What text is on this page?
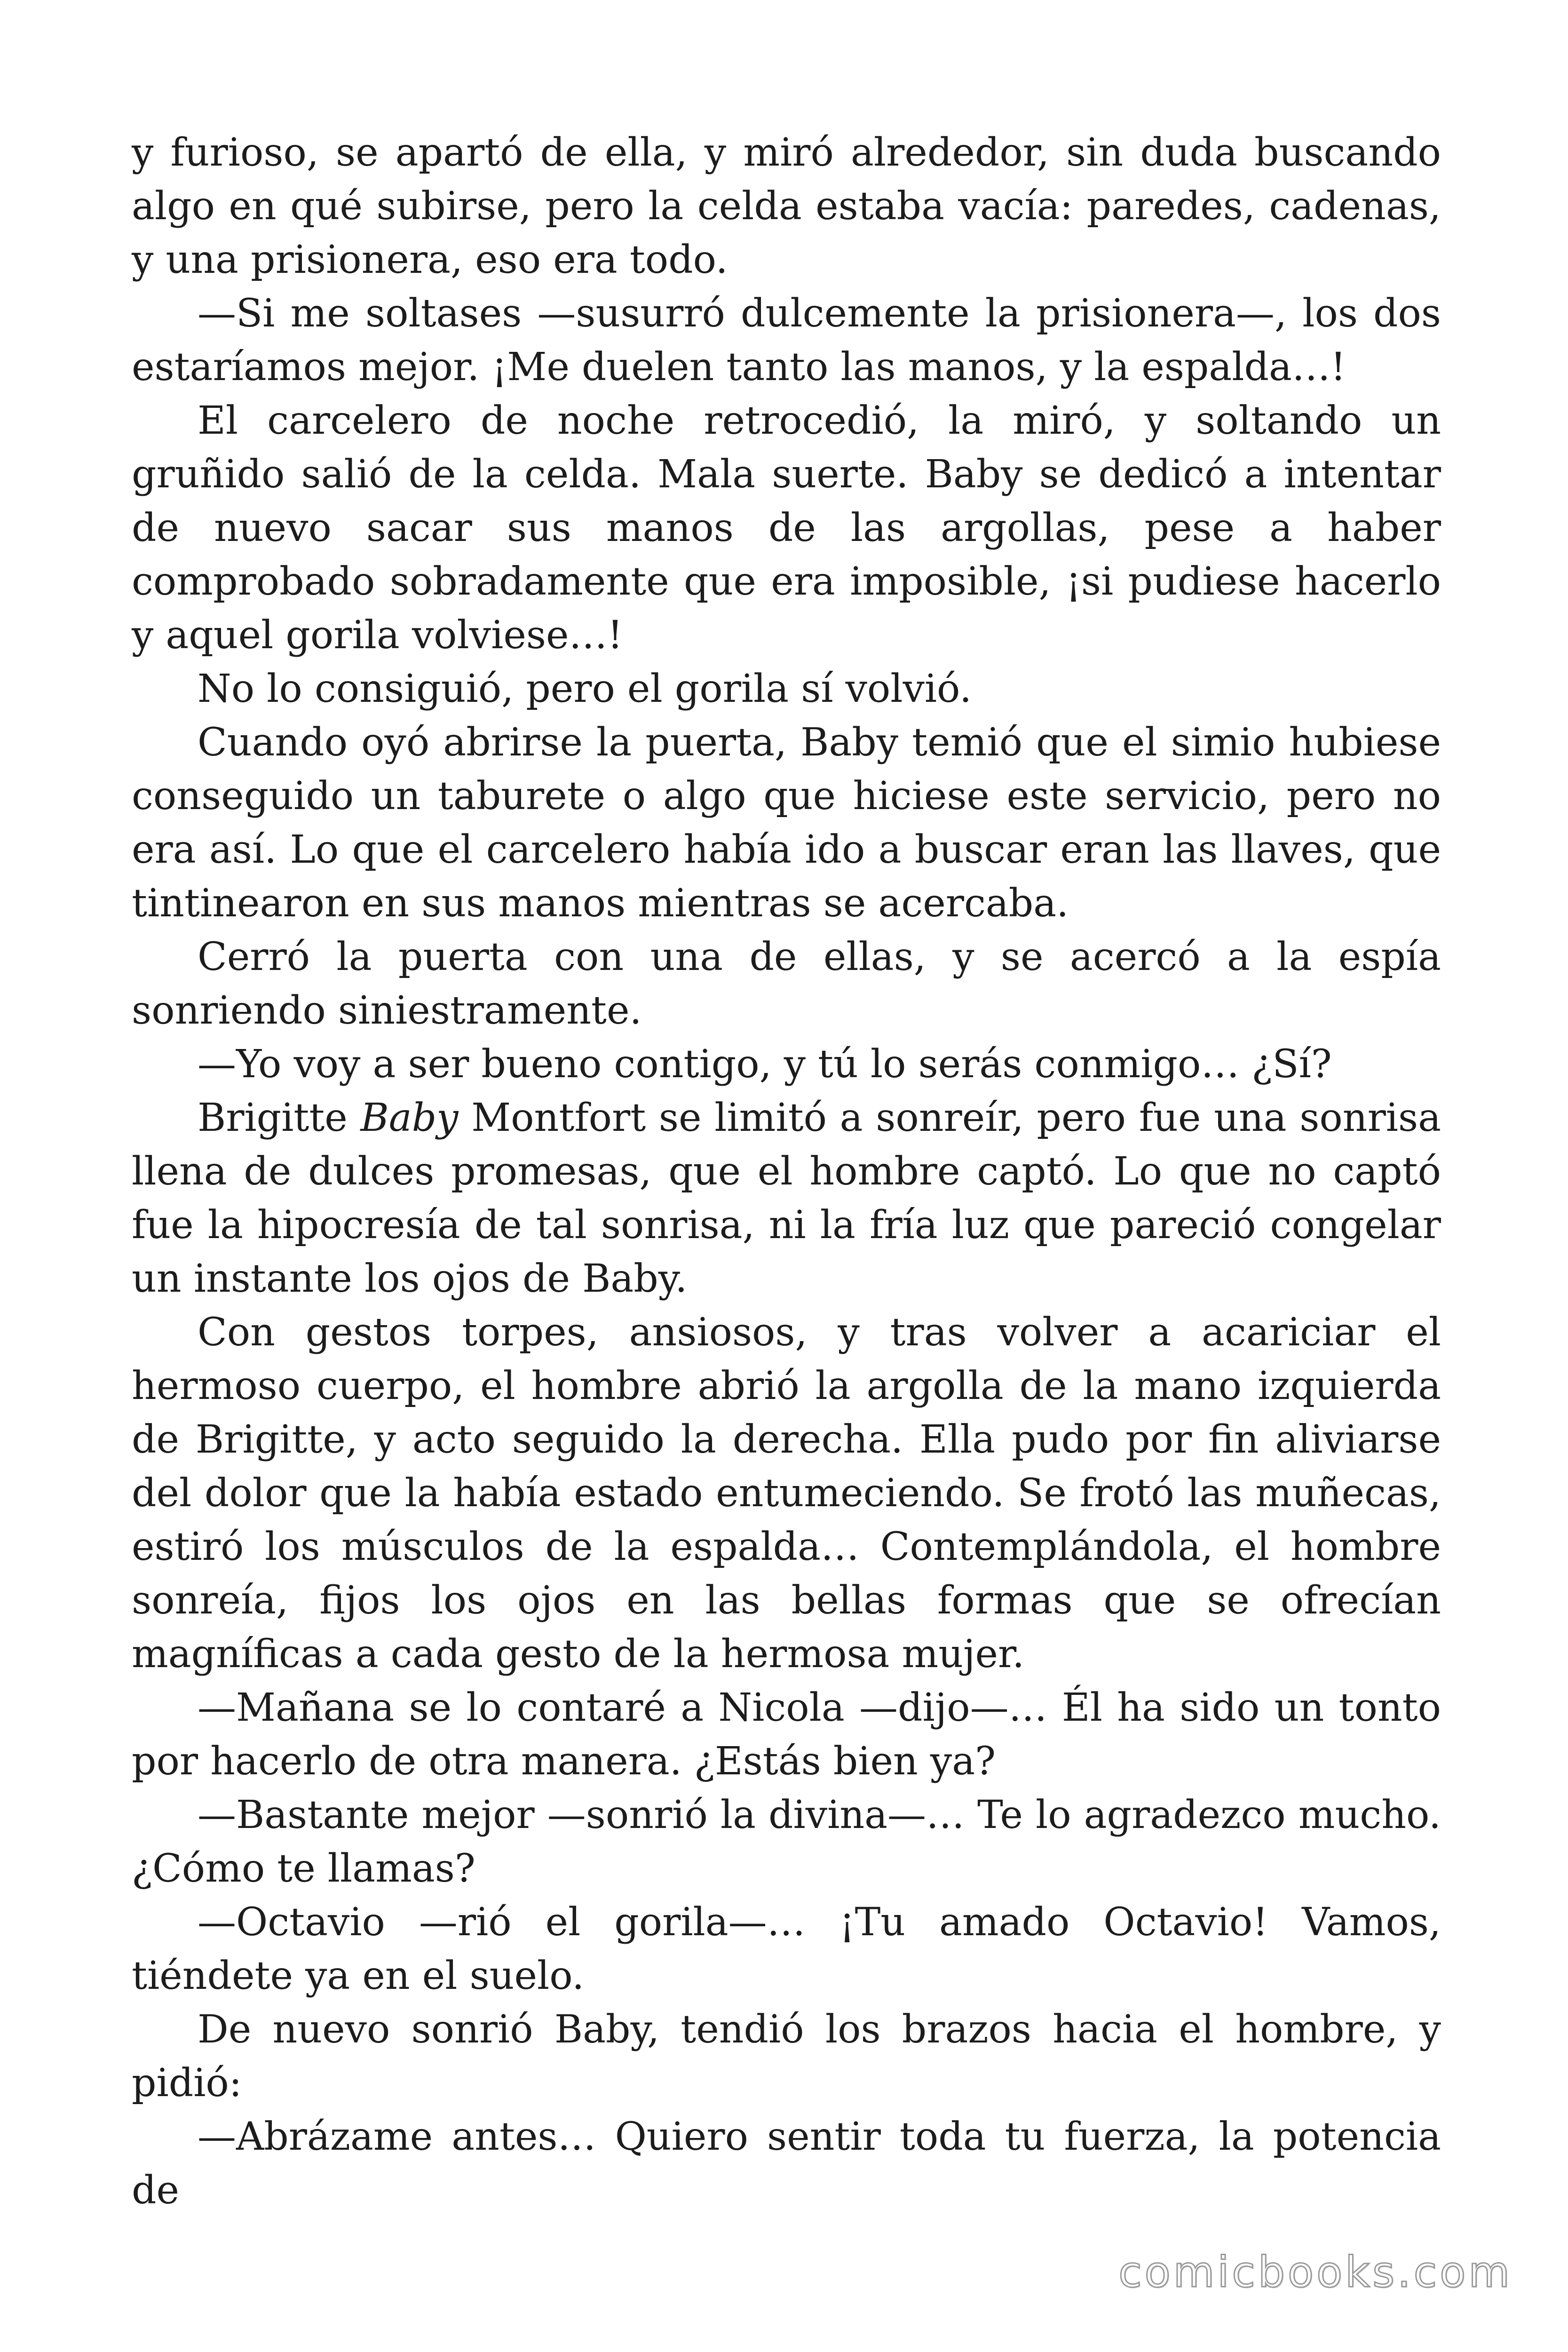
y furioso, se apartó de ella, y miró alrededor, sin duda buscando algo en qué subirse, pero la celda estaba vacía: paredes, cadenas, y una prisionera, eso era todo.

—Si me soltases —susurró dulcemente la prisionera—, los dos estaríamos mejor. ¡Me duelen tanto las manos, y la espalda…!

El carcelero de noche retrocedió, la miró, y soltando un gruñido salió de la celda. Mala suerte. Baby se dedicó a intentar de nuevo sacar sus manos de las argollas, pese a haber comprobado sobradamente que era imposible, ¡si pudiese hacerlo y aquel gorila volviese…!

No lo consiguió, pero el gorila sí volvió.

Cuando oyó abrirse la puerta, Baby temió que el simio hubiese conseguido un taburete o algo que hiciese este servicio, pero no era así. Lo que el carcelero había ido a buscar eran las llaves, que tintinearon en sus manos mientras se acercaba.

Cerró la puerta con una de ellas, y se acercó a la espía sonriendo siniestramente.

—Yo voy a ser bueno contigo, y tú lo serás conmigo… ¿Sí?

Brigitte Baby Montfort se limitó a sonreír, pero fue una sonrisa llena de dulces promesas, que el hombre captó. Lo que no captó fue la hipocresía de tal sonrisa, ni la fría luz que pareció congelar un instante los ojos de Baby.

Con gestos torpes, ansiosos, y tras volver a acariciar el hermoso cuerpo, el hombre abrió la argolla de la mano izquierda de Brigitte, y acto seguido la derecha. Ella pudo por fin aliviarse del dolor que la había estado entumeciendo. Se frotó las muñecas, estiró los músculos de la espalda… Contemplándola, el hombre sonreía, fijos los ojos en las bellas formas que se ofrecían magníficas a cada gesto de la hermosa mujer.

—Mañana se lo contaré a Nicola —dijo—… Él ha sido un tonto por hacerlo de otra manera. ¿Estás bien ya?

—Bastante mejor —sonrió la divina—… Te lo agradezco mucho. ¿Cómo te llamas?

—Octavio —rió el gorila—… ¡Tu amado Octavio! Vamos, tiéndete ya en el suelo.

De nuevo sonrió Baby, tendió los brazos hacia el hombre, y pidió:

—Abrázame antes… Quiero sentir toda tu fuerza, la potencia de

comicbooks.com
